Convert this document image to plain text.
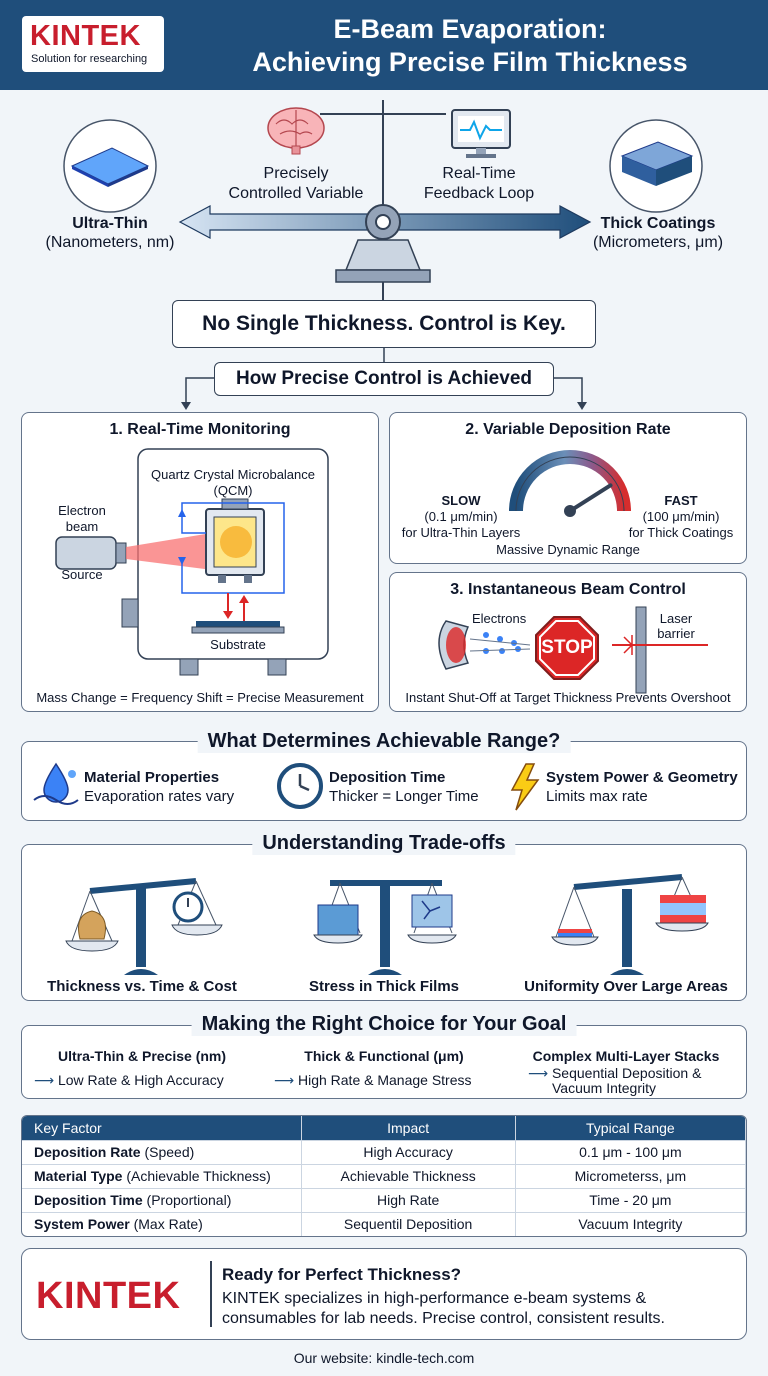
KINTEK
Solution for researching
E-Beam Evaporation:
Achieving Precise Film Thickness
Precisely
Controlled Variable
Real-Time
Feedback Loop
Ultra-Thin
(Nanometers, nm)
Thick Coatings
(Micrometers, μm)
No Single Thickness. Control is Key.
How Precise Control is Achieved
1. Real-Time Monitoring
Quartz Crystal Microbalance
(QCM)
Electron
beam
Source
Substrate
Mass Change = Frequency Shift = Precise Measurement
2. Variable Deposition Rate
SLOW
(0.1 μm/min)
for Ultra-Thin Layers
FAST
(100 μm/min)
for Thick Coatings
Massive Dynamic Range
3. Instantaneous Beam Control
Electrons
STOP
Laser
barrier
Instant Shut-Off at Target Thickness Prevents Overshoot
Material Properties
Evaporation rates vary
Deposition Time
Thicker = Longer Time
System Power & Geometry
Limits max rate
What Determines Achievable Range?
Thickness vs. Time & Cost	Stress in Thick Films	Uniformity Over Large Areas
Understanding Trade-offs
Ultra-Thin & Precise (nm)
⟶ Low Rate & High Accuracy
Thick & Functional (μm)
⟶ High Rate & Manage Stress
Complex Multi-Layer Stacks
⟶ Sequential Deposition &
Vacuum Integrity
Making the Right Choice for Your Goal
Key Factor	Impact	Typical Range
Deposition Rate (Speed)	High Accuracy	0.1 μm - 100 μm
Material Type (Achievable Thickness)	Achievable Thickness	Micrometerss, μm
Deposition Time (Proportional)	High Rate	Time - 20 μm
System Power (Max Rate)	Sequentil Deposition	Vacuum Integrity
KINTEK
Ready for Perfect Thickness?
KINTEK specializes in high-performance e-beam systems &
consumables for lab needs. Precise control, consistent results.
Our website: kindle-tech.com
